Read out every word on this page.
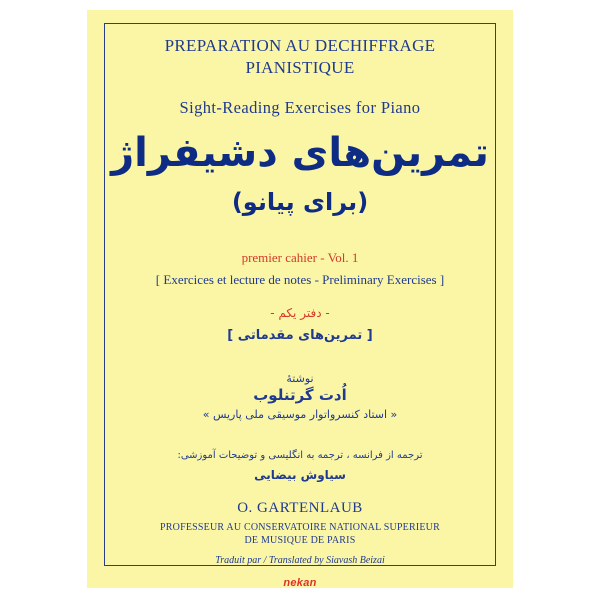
PREPARATION AU DECHIFFRAGE
PIANISTIQUE
Sight-Reading Exercises for Piano
تمرین‌های دشیفراژ
(برای پیانو)
premier cahier - Vol. 1
[ Exercices et lecture de notes - Preliminary Exercises ]
- دفتر یکم -
[ تمرین‌های مقدماتی ]
نوشتهٔ
اُدت گرتنلوب
« استاد کنسرواتوار موسیقی ملی پاریس »
ترجمه از فرانسه ، ترجمه به انگلیسی و توضیحات آموزشی:
سیاوش بیضایی
O. GARTENLAUB
PROFESSEUR AU CONSERVATOIRE NATIONAL SUPERIEUR
DE MUSIQUE DE PARIS
Traduit par / Translated by Siavash Beizai
nekan
